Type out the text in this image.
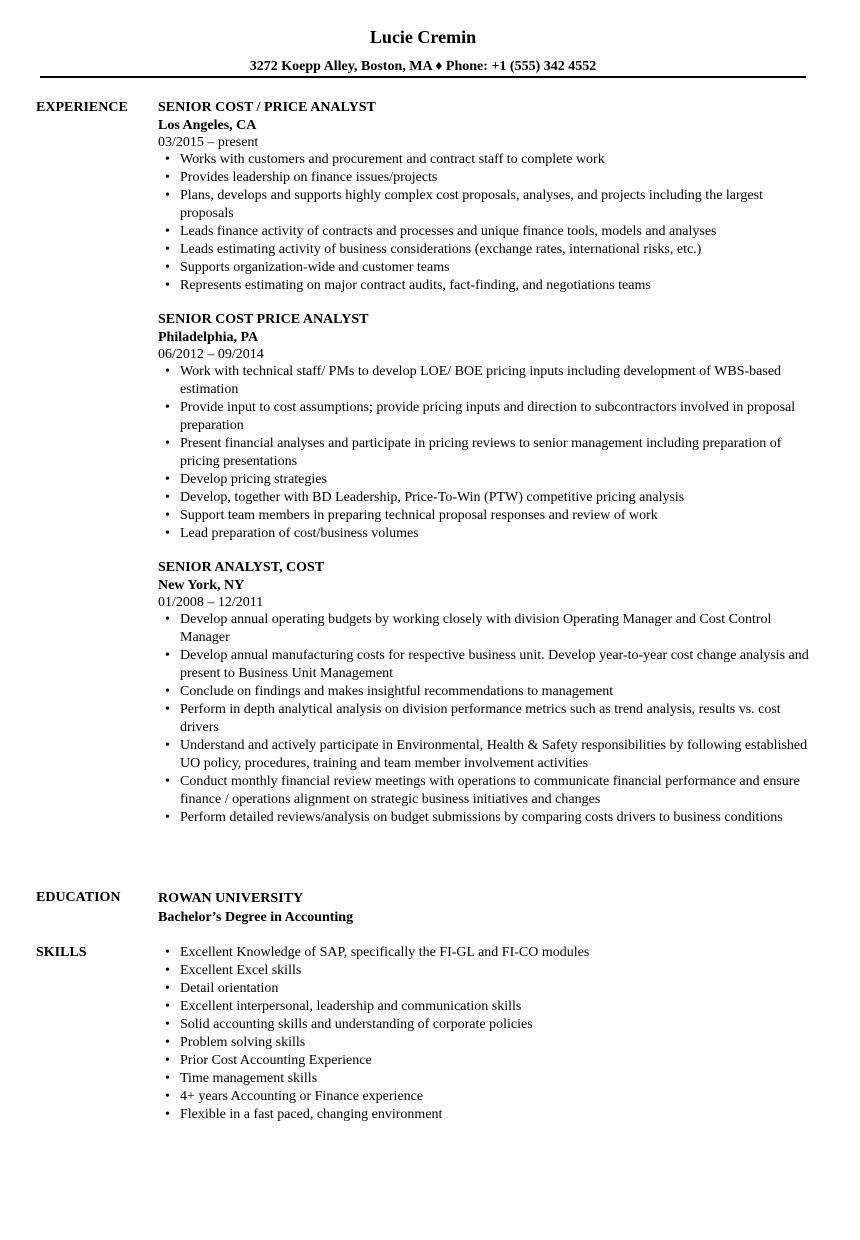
Lucie Cremin
3272 Koepp Alley, Boston, MA ♦ Phone: +1 (555) 342 4552
EXPERIENCE SENIOR COST / PRICE ANALYST
Los Angeles, CA
03/2015 – present
• Works with customers and procurement and contract staff to complete work
• Provides leadership on finance issues/projects
• Plans, develops and supports highly complex cost proposals, analyses, and projects including the largest proposals
• Leads finance activity of contracts and processes and unique finance tools, models and analyses
• Leads estimating activity of business considerations (exchange rates, international risks, etc.)
• Supports organization-wide and customer teams
• Represents estimating on major contract audits, fact-finding, and negotiations teams
SENIOR COST PRICE ANALYST
Philadelphia, PA
06/2012 – 09/2014
• Work with technical staff/ PMs to develop LOE/ BOE pricing inputs including development of WBS-based estimation
• Provide input to cost assumptions; provide pricing inputs and direction to subcontractors involved in proposal preparation
• Present financial analyses and participate in pricing reviews to senior management including preparation of pricing presentations
• Develop pricing strategies
• Develop, together with BD Leadership, Price-To-Win (PTW) competitive pricing analysis
• Support team members in preparing technical proposal responses and review of work
• Lead preparation of cost/business volumes
SENIOR ANALYST, COST
New York, NY
01/2008 – 12/2011
• Develop annual operating budgets by working closely with division Operating Manager and Cost Control Manager
• Develop annual manufacturing costs for respective business unit. Develop year-to-year cost change analysis and present to Business Unit Management
• Conclude on findings and makes insightful recommendations to management
• Perform in depth analytical analysis on division performance metrics such as trend analysis, results vs. cost drivers
• Understand and actively participate in Environmental, Health & Safety responsibilities by following established UO policy, procedures, training and team member involvement activities
• Conduct monthly financial review meetings with operations to communicate financial performance and ensure finance / operations alignment on strategic business initiatives and changes
• Perform detailed reviews/analysis on budget submissions by comparing costs drivers to business conditions
EDUCATION	ROWAN UNIVERSITY
Bachelor’s Degree in Accounting
SKILLS	• Excellent Knowledge of SAP, specifically the FI-GL and FI-CO modules
• Excellent Excel skills
• Detail orientation
• Excellent interpersonal, leadership and communication skills
• Solid accounting skills and understanding of corporate policies
• Problem solving skills
• Prior Cost Accounting Experience
• Time management skills
• 4+ years Accounting or Finance experience
• Flexible in a fast paced, changing environment
